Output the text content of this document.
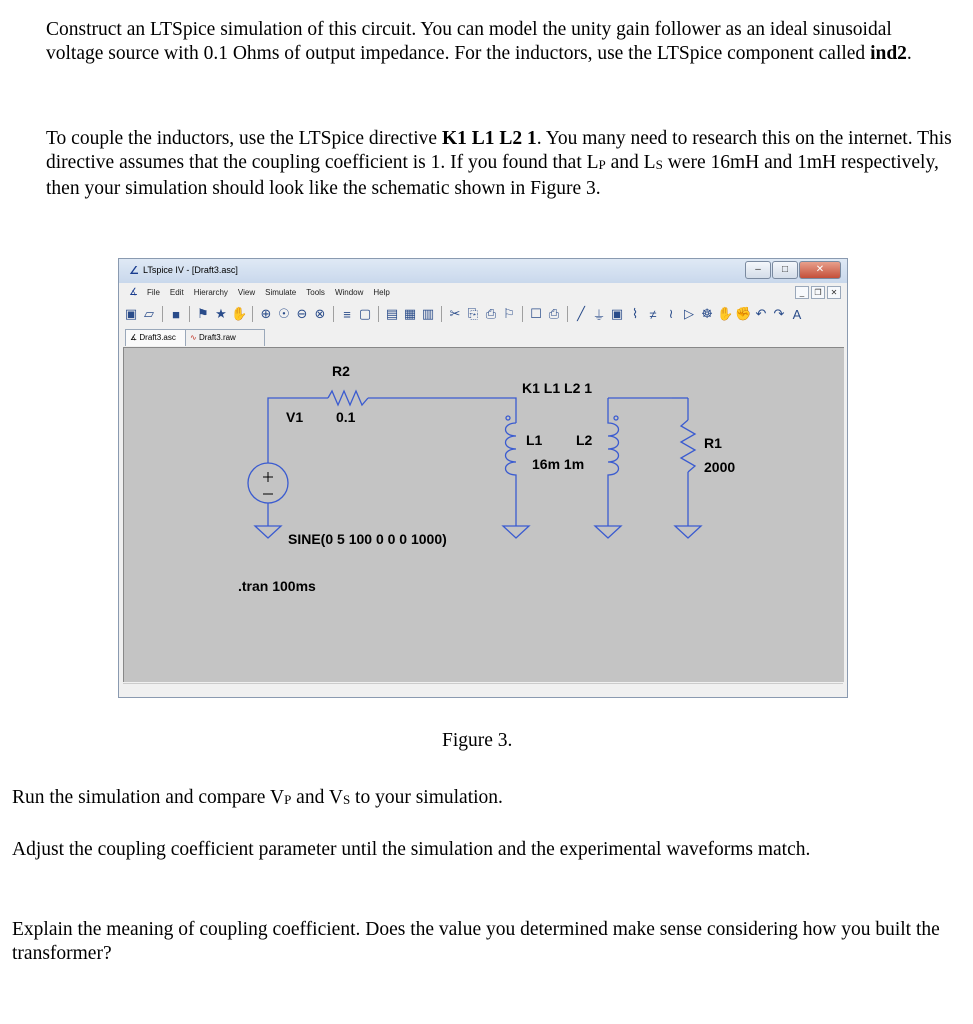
Construct an LTSpice simulation of this circuit. You can model the unity gain follower as an ideal sinusoidal voltage source with 0.1 Ohms of output impedance. For the inductors, use the LTSpice component called ind2.

To couple the inductors, use the LTSpice directive K1 L1 L2 1. You many need to research this on the internet. This directive assumes that the coupling coefficient is 1. If you found that $L_P$ and $L_S$ were 16mH and 1mH respectively, then your simulation should look like the schematic shown in Figure 3.

∠ LTspice IV - [Draft3.asc]	–	□	✕
∡ File Edit Hierarchy View Simulate Tools Window Help	_	❐	✕
▣ ▱	■	⚑ ★ ✋ ⊕ ☉ ⊖ ⊗	≡ ▢ ▤ ▦ ▥ ✂ ⎘ ⎙ ⚐ ☐ ⎙	╱ ⏚ ▣ ⌇ ≠ ≀ ▷ ☸ ✋ ✊ ↶ ↷ A
∡ Draft3.asc	∿ Draft3.raw
R2
0.1
V1
SINE(0 5 100 0 0 0 1000)
.tran 100ms
K1 L1 L2 1
L1 L2
16m 1m
R1
2000
Figure 3.

Run the simulation and compare $V_P$ and $V_S$ to your simulation.

Adjust the coupling coefficient parameter until the simulation and the experimental waveforms match.

Explain the meaning of coupling coefficient. Does the value you determined make sense considering how you built the transformer?
